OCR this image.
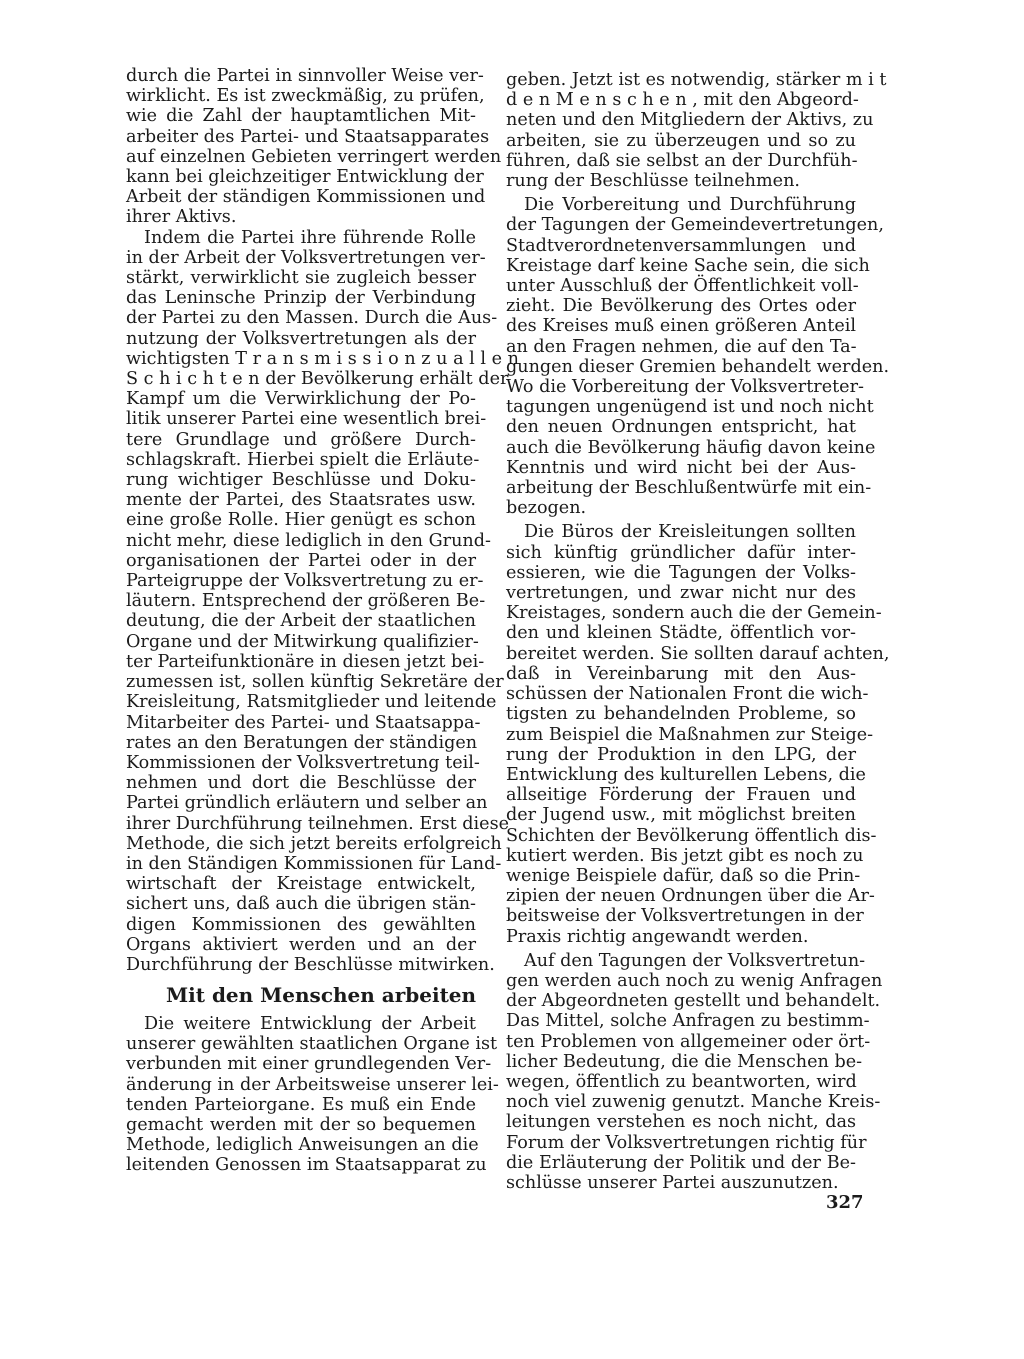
durch die Partei in sinnvoller Weise ver-
wirklicht. Es ist zweckmäßig, zu prüfen,
wie die Zahl der hauptamtlichen Mit-
arbeiter des Partei- und Staatsapparates
auf einzelnen Gebieten verringert werden
kann bei gleichzeitiger Entwicklung der
Arbeit der ständigen Kommissionen und
ihrer Aktivs.
Indem die Partei ihre führende Rolle
in der Arbeit der Volksvertretungen ver-
stärkt, verwirklicht sie zugleich besser
das Leninsche Prinzip der Verbindung
der Partei zu den Massen. Durch die Aus-
nutzung der Volksvertretungen als der
wichtigsten T r a n s m i s s i o n z u a l l e n
S c h i c h t e n der Bevölkerung erhält der
Kampf um die Verwirklichung der Po-
litik unserer Partei eine wesentlich brei-
tere Grundlage und größere Durch-
schlagskraft. Hierbei spielt die Erläute-
rung wichtiger Beschlüsse und Doku-
mente der Partei, des Staatsrates usw.
eine große Rolle. Hier genügt es schon
nicht mehr, diese lediglich in den Grund-
organisationen der Partei oder in der
Parteigruppe der Volksvertretung zu er-
läutern. Entsprechend der größeren Be-
deutung, die der Arbeit der staatlichen
Organe und der Mitwirkung qualifizier-
ter Parteifunktionäre in diesen jetzt bei-
zumessen ist, sollen künftig Sekretäre der
Kreisleitung, Ratsmitglieder und leitende
Mitarbeiter des Partei- und Staatsappa-
rates an den Beratungen der ständigen
Kommissionen der Volksvertretung teil-
nehmen und dort die Beschlüsse der
Partei gründlich erläutern und selber an
ihrer Durchführung teilnehmen. Erst diese
Methode, die sich jetzt bereits erfolgreich
in den Ständigen Kommissionen für Land-
wirtschaft der Kreistage entwickelt,
sichert uns, daß auch die übrigen stän-
digen Kommissionen des gewählten
Organs aktiviert werden und an der
Durchführung der Beschlüsse mitwirken.
Mit den Menschen arbeiten
Die weitere Entwicklung der Arbeit
unserer gewählten staatlichen Organe ist
verbunden mit einer grundlegenden Ver-
änderung in der Arbeitsweise unserer lei-
tenden Parteiorgane. Es muß ein Ende
gemacht werden mit der so bequemen
Methode, lediglich Anweisungen an die
leitenden Genossen im Staatsapparat zu
geben. Jetzt ist es notwendig, stärker m i t
d e n M e n s c h e n , mit den Abgeord-
neten und den Mitgliedern der Aktivs, zu
arbeiten, sie zu überzeugen und so zu
führen, daß sie selbst an der Durchfüh-
rung der Beschlüsse teilnehmen.
Die Vorbereitung und Durchführung
der Tagungen der Gemeindevertretungen,
Stadtverordnetenversammlungen und
Kreistage darf keine Sache sein, die sich
unter Ausschluß der Öffentlichkeit voll-
zieht. Die Bevölkerung des Ortes oder
des Kreises muß einen größeren Anteil
an den Fragen nehmen, die auf den Ta-
gungen dieser Gremien behandelt werden.
Wo die Vorbereitung der Volksvertreter-
tagungen ungenügend ist und noch nicht
den neuen Ordnungen entspricht, hat
auch die Bevölkerung häufig davon keine
Kenntnis und wird nicht bei der Aus-
arbeitung der Beschlußentwürfe mit ein-
bezogen.
Die Büros der Kreisleitungen sollten
sich künftig gründlicher dafür inter-
essieren, wie die Tagungen der Volks-
vertretungen, und zwar nicht nur des
Kreistages, sondern auch die der Gemein-
den und kleinen Städte, öffentlich vor-
bereitet werden. Sie sollten darauf achten,
daß in Vereinbarung mit den Aus-
schüssen der Nationalen Front die wich-
tigsten zu behandelnden Probleme, so
zum Beispiel die Maßnahmen zur Steige-
rung der Produktion in den LPG, der
Entwicklung des kulturellen Lebens, die
allseitige Förderung der Frauen und
der Jugend usw., mit möglichst breiten
Schichten der Bevölkerung öffentlich dis-
kutiert werden. Bis jetzt gibt es noch zu
wenige Beispiele dafür, daß so die Prin-
zipien der neuen Ordnungen über die Ar-
beitsweise der Volksvertretungen in der
Praxis richtig angewandt werden.
Auf den Tagungen der Volksvertretun-
gen werden auch noch zu wenig Anfragen
der Abgeordneten gestellt und behandelt.
Das Mittel, solche Anfragen zu bestimm-
ten Problemen von allgemeiner oder ört-
licher Bedeutung, die die Menschen be-
wegen, öffentlich zu beantworten, wird
noch viel zuwenig genutzt. Manche Kreis-
leitungen verstehen es noch nicht, das
Forum der Volksvertretungen richtig für
die Erläuterung der Politik und der Be-
schlüsse unserer Partei auszunutzen.
327
